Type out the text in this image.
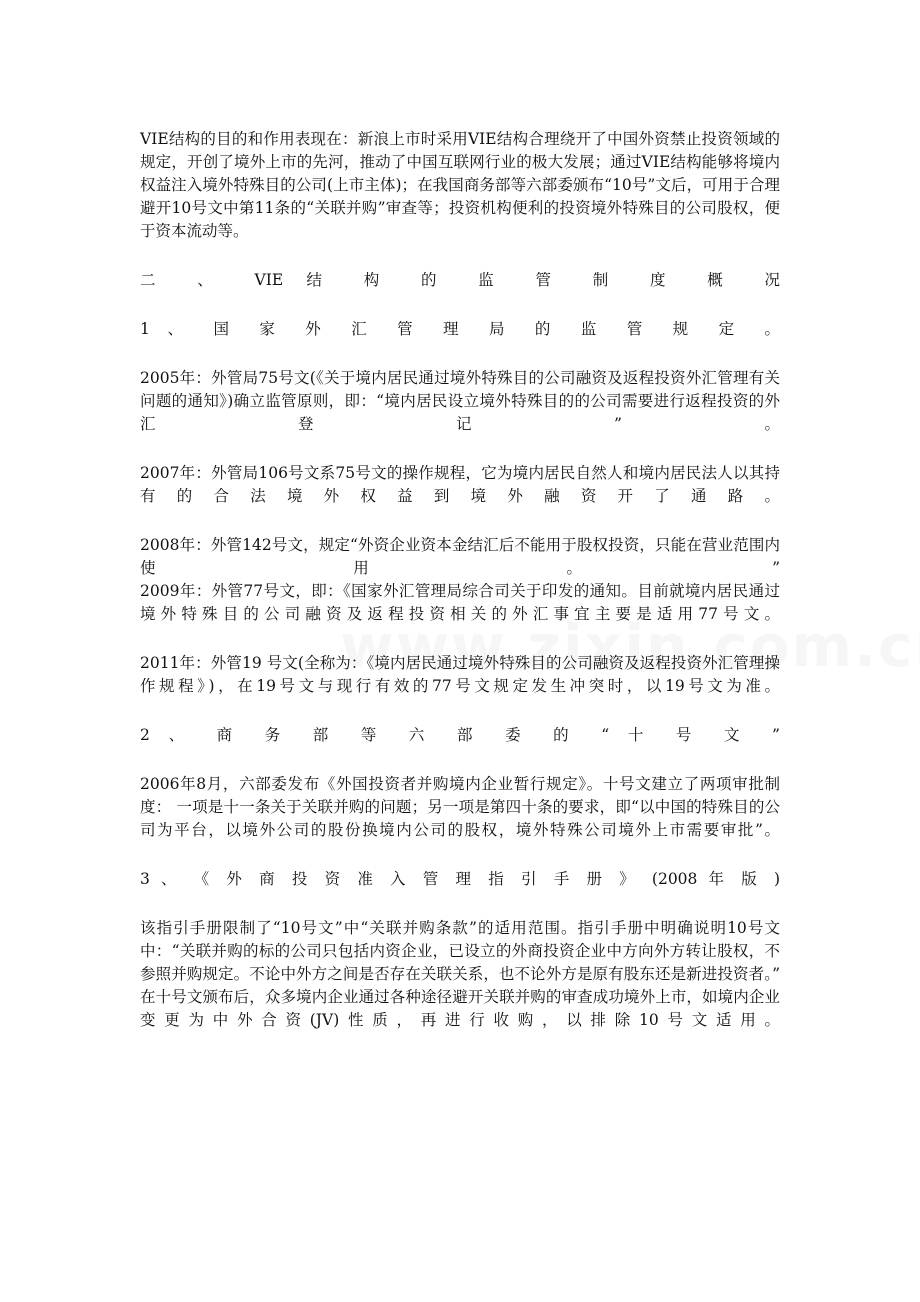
VIE结构的目的和作用表现在：新浪上市时采用VIE结构合理绕开了中国外资禁止投资领域的规定，开创了境外上市的先河，推动了中国互联网行业的极大发展；通过VIE结构能够将境内权益注入境外特殊目的公司(上市主体)；在我国商务部等六部委颁布“10号”文后，可用于合理避开10号文中第11条的“关联并购”审查等；投资机构便利的投资境外特殊目的公司股权，便于资本流动等。

二 、 VIE 结 构 的 监 管 制 度 概 况

1 、 国 家 外 汇 管 理 局 的 监 管 规 定 。

2005年：外管局75号文(《关于境内居民通过境外特殊目的公司融资及返程投资外汇管理有关问题的通知》)确立监管原则，即：“境内居民设立境外特殊目的的公司需要进行返程投资的外汇登记”。

2007年：外管局106号文系75号文的操作规程，它为境内居民自然人和境内居民法人以其持有的合法境外权益到境外融资开了通路。

2008年：外管142号文，规定“外资企业资本金结汇后不能用于股权投资，只能在营业范围内使用。”

2009年：外管77号文，即：《国家外汇管理局综合司关于印发的通知。目前就境内居民通过境外特殊目的公司融资及返程投资相关的外汇事宜主要是适用77号文。

2011年：外管19 号文(全称为：《境内居民通过境外特殊目的公司融资及返程投资外汇管理操作规程》)，在19号文与现行有效的77号文规定发生冲突时，以19号文为准。

2 、 商 务 部 等 六 部 委 的 “ 十 号 文 ”

2006年8月，六部委发布《外国投资者并购境内企业暂行规定》。十号文建立了两项审批制度： 一项是十一条关于关联并购的问题；另一项是第四十条的要求，即“以中国的特殊目的公司为平台，以境外公司的股份换境内公司的股权，境外特殊公司境外上市需要审批”。

3 、 《 外 商 投 资 准 入 管 理 指 引 手 册 》 (2008 年 版 )

该指引手册限制了“10号文”中“关联并购条款”的适用范围。指引手册中明确说明10号文中：“关联并购的标的公司只包括内资企业，已设立的外商投资企业中方向外方转让股权，不参照并购规定。不论中外方之间是否存在关联关系，也不论外方是原有股东还是新进投资者。” 在十号文颁布后，众多境内企业通过各种途径避开关联并购的审查成功境外上市，如境内企业变更为中外合资(JV)性质，再进行收购，以排除10号文适用。
